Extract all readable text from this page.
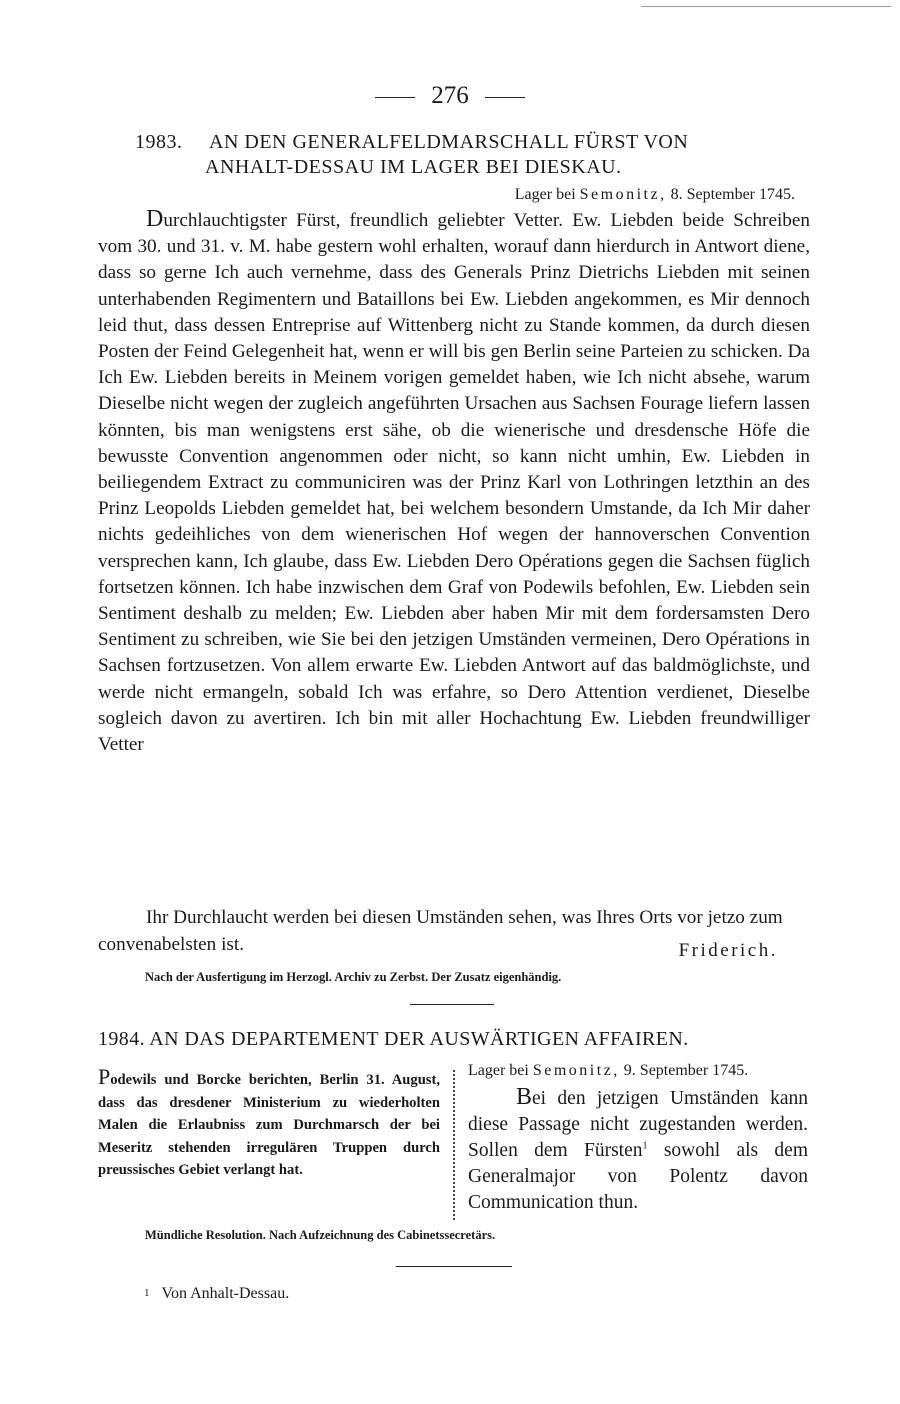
276
1983. AN DEN GENERALFELDMARSCHALL FÜRST VON
ANHALT-DESSAU IM LAGER BEI DIESKAU.
Lager bei Semonitz, 8. September 1745.

Durchlauchtigster Fürst, freundlich geliebter Vetter. Ew. Liebden beide Schreiben vom 30. und 31. v. M. habe gestern wohl erhalten, worauf dann hierdurch in Antwort diene, dass so gerne Ich auch vernehme, dass des Generals Prinz Dietrichs Liebden mit seinen unterhabenden Regimentern und Bataillons bei Ew. Liebden angekommen, es Mir dennoch leid thut, dass dessen Entreprise auf Wittenberg nicht zu Stande kommen, da durch diesen Posten der Feind Gelegenheit hat, wenn er will bis gen Berlin seine Parteien zu schicken. Da Ich Ew. Liebden bereits in Meinem vorigen gemeldet haben, wie Ich nicht absehe, warum Dieselbe nicht wegen der zugleich angeführten Ursachen aus Sachsen Fourage liefern lassen könnten, bis man wenigstens erst sähe, ob die wienerische und dresdensche Höfe die bewusste Convention angenommen oder nicht, so kann nicht umhin, Ew. Liebden in beiliegendem Extract zu communiciren was der Prinz Karl von Lothringen letzthin an des Prinz Leopolds Liebden gemeldet hat, bei welchem besondern Umstande, da Ich Mir daher nichts gedeihliches von dem wienerischen Hof wegen der hannoverschen Convention versprechen kann, Ich glaube, dass Ew. Liebden Dero Opérations gegen die Sachsen füglich fortsetzen können. Ich habe inzwischen dem Graf von Podewils befohlen, Ew. Liebden sein Sentiment deshalb zu melden; Ew. Liebden aber haben Mir mit dem fordersamsten Dero Sentiment zu schreiben, wie Sie bei den jetzigen Umständen vermeinen, Dero Opérations in Sachsen fortzusetzen. Von allem erwarte Ew. Liebden Antwort auf das baldmöglichste, und werde nicht ermangeln, sobald Ich was erfahre, so Dero Attention verdienet, Dieselbe sogleich davon zu avertiren. Ich bin mit aller Hochachtung Ew. Liebden freundwilliger Vetter

Ihr Durchlaucht werden bei diesen Umständen sehen, was Ihres Orts vor jetzo zum convenabelsten ist.	Friderich.
Nach der Ausfertigung im Herzogl. Archiv zu Zerbst. Der Zusatz eigenhändig.
1984. AN DAS DEPARTEMENT DER AUSWÄRTIGEN AFFAIREN.
Podewils und Borcke berichten, Berlin 31. August, dass das dresdener Ministerium zu wiederholten Malen die Erlaubniss zum Durchmarsch der bei Meseritz stehenden irregulären Truppen durch preussisches Gebiet verlangt hat.
Lager bei Semonitz, 9. September 1745.

Bei den jetzigen Umständen kann diese Passage nicht zugestanden werden. Sollen dem Fürsten$^1$ sowohl als dem Generalmajor von Polentz davon Communication thun.

Mündliche Resolution. Nach Aufzeichnung des Cabinetssecretärs.
1 Von Anhalt-Dessau.
